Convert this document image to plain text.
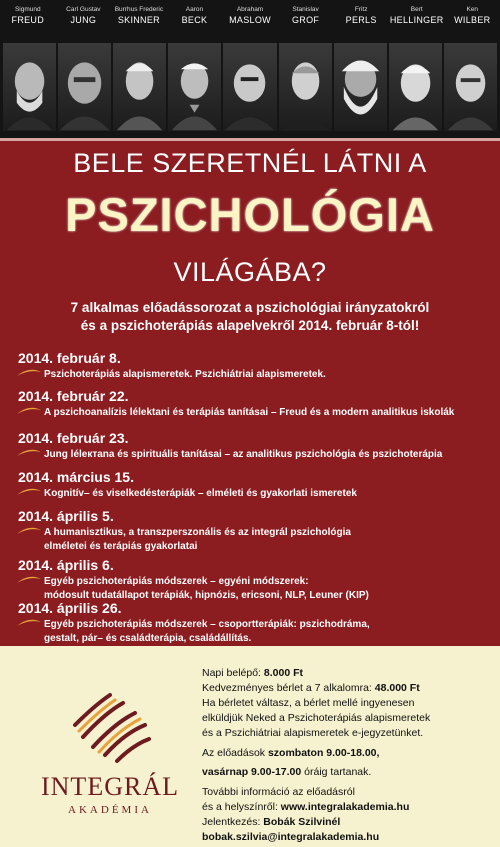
Sigmund
FREUD
Carl Gustav
JUNG
Burrhus Frederic
SKINNER
Aaron
BECK
Abraham
MASLOW
Stanislav
GROF
Fritz
PERLS
Bert
HELLINGER
Ken
WILBER
BELE SZERETNÉL LÁTNI A
PSZICHOLÓGIA
VILÁGÁBA?
7 alkalmas előadássorozat a pszichológiai irányzatokról
és a pszichoterápiás alapelvekről 2014. február 8-tól!
2014. február 8.
Pszichoterápiás alapismeretek. Pszichiátriai alapismeretek.
2014. február 22.
A pszichoanalízis lélektani és terápiás tanításai – Freud és a modern analitikus iskolák
2014. február 23.
Jung léleктana és spirituális tanításai – az analitikus pszichológia és pszichoterápia
2014. március 15.
Kognitív– és viselkedésterápiák – elméleti és gyakorlati ismeretek
2014. április 5.
A humanisztikus, a transzperszonális és az integrál pszichológia
elméletei és terápiás gyakorlatai
2014. április 6.
Egyéb pszichoterápiás módszerek – egyéni módszerek:
módosult tudatállapot terápiák, hipnózis, ericsoni, NLP, Leuner (KIP)
2014. április 26.
Egyéb pszichoterápiás módszerek – csoportterápiák: pszichodráma,
gestalt, pár– és családterápia, családállítás.
INTEGRÁL
AKADÉMIA
Napi belépő: 8.000 Ft
Kedvezményes bérlet a 7 alkalomra: 48.000 Ft
Ha bérletet váltasz, a bérlet mellé ingyenesen
elküldjük Neked a Pszichoterápiás alapismeretek
és a Pszichiátriai alapismeretek e-jegyzetünket.
Az előadások szombaton 9.00-18.00,
vasárnap 9.00-17.00 óráig tartanak.
További információ az előadásról
és a helyszínről: www.integralakademia.hu
Jelentkezés: Bobák Szilvinél
bobak.szilvia@integralakademia.hu
